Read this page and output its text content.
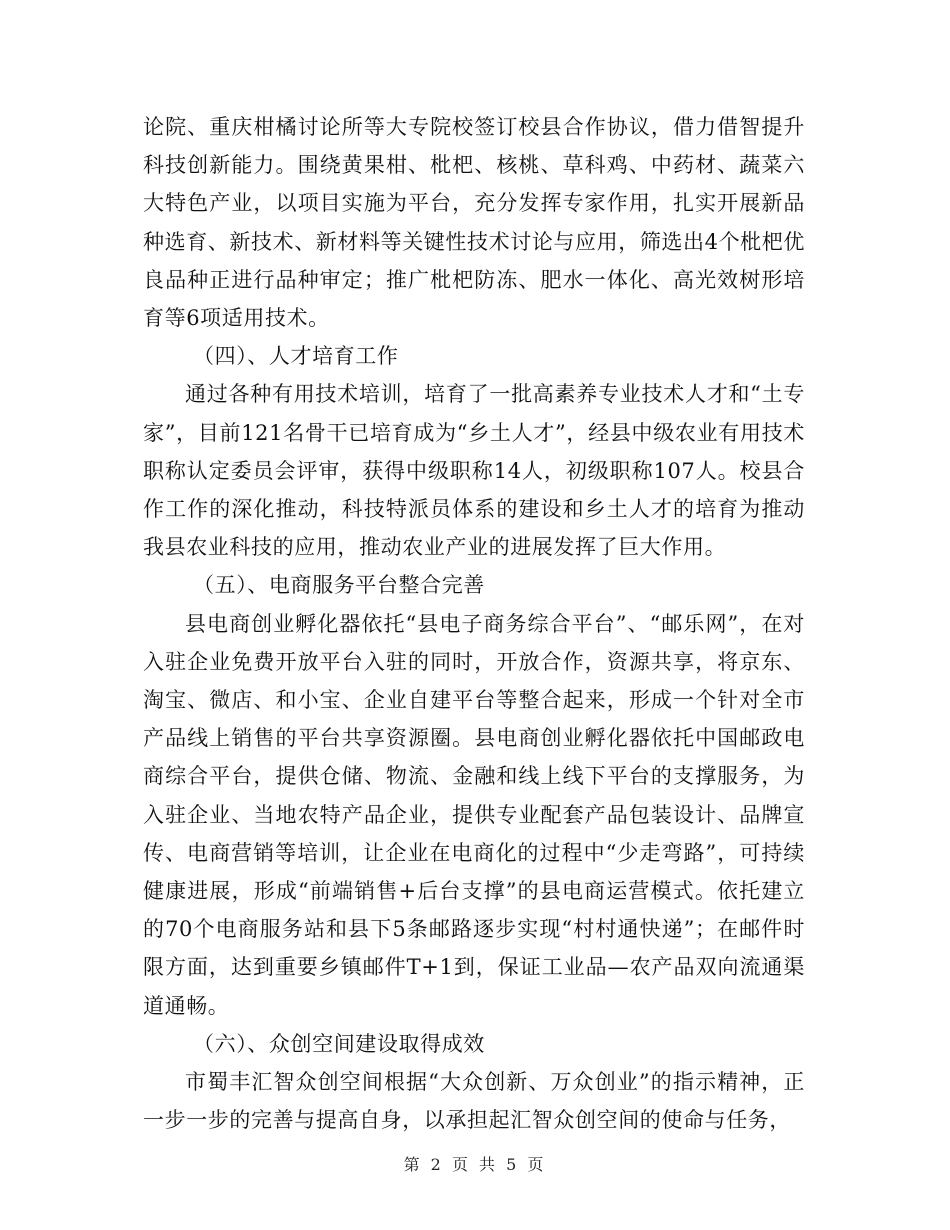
论院、重庆柑橘讨论所等大专院校签订校县合作协议，借力借智提升科技创新能力。围绕黄果柑、枇杷、核桃、草科鸡、中药材、蔬菜六大特色产业，以项目实施为平台，充分发挥专家作用，扎实开展新品种选育、新技术、新材料等关键性技术讨论与应用，筛选出4个枇杷优良品种正进行品种审定；推广枇杷防冻、肥水一体化、高光效树形培育等6项适用技术。

（四）、人才培育工作

通过各种有用技术培训，培育了一批高素养专业技术人才和“土专家”，目前121名骨干已培育成为“乡土人才”，经县中级农业有用技术职称认定委员会评审，获得中级职称14人，初级职称107人。校县合作工作的深化推动，科技特派员体系的建设和乡土人才的培育为推动我县农业科技的应用，推动农业产业的进展发挥了巨大作用。

（五）、电商服务平台整合完善

县电商创业孵化器依托“县电子商务综合平台”、“邮乐网”，在对入驻企业免费开放平台入驻的同时，开放合作，资源共享，将京东、淘宝、微店、和小宝、企业自建平台等整合起来，形成一个针对全市产品线上销售的平台共享资源圈。县电商创业孵化器依托中国邮政电商综合平台，提供仓储、物流、金融和线上线下平台的支撑服务，为入驻企业、当地农特产品企业，提供专业配套产品包装设计、品牌宣传、电商营销等培训，让企业在电商化的过程中“少走弯路”，可持续健康进展，形成“前端销售+后台支撑”的县电商运营模式。依托建立的70个电商服务站和县下5条邮路逐步实现“村村通快递”；在邮件时限方面，达到重要乡镇邮件T+1到，保证工业品—农产品双向流通渠道通畅。

（六）、众创空间建设取得成效

市蜀丰汇智众创空间根据“大众创新、万众创业”的指示精神，正一步一步的完善与提高自身，以承担起汇智众创空间的使命与任务，

第 2 页 共 5 页
